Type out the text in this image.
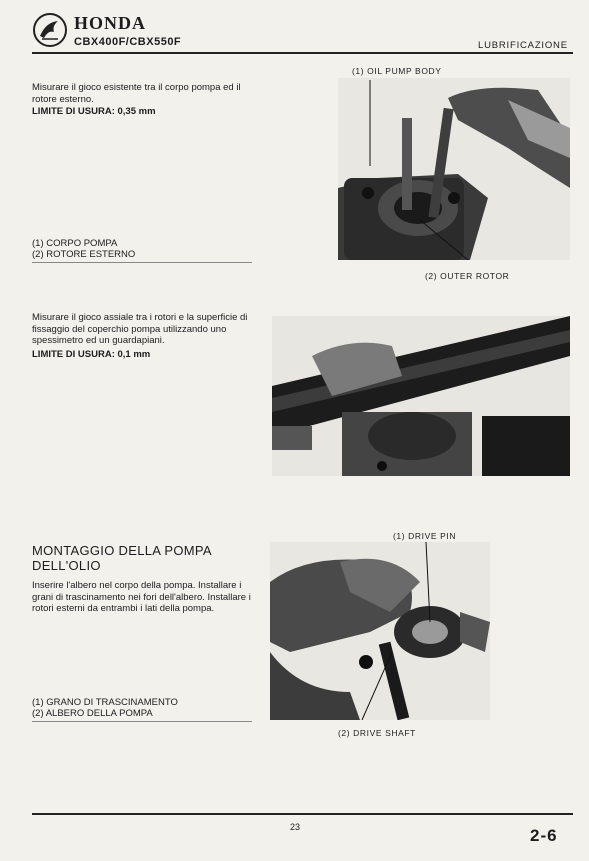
HONDA
CBX400F/CBX550F	LUBRIFICAZIONE
Misurare il gioco esistente tra il corpo pompa ed il rotore esterno.
LIMITE DI USURA: 0,35 mm
(1) CORPO POMPA
(2) ROTORE ESTERNO
(1) OIL PUMP BODY
(2) OUTER ROTOR
Misurare il gioco assiale tra i rotori e la superficie di fissaggio del coperchio pompa utilizzando uno spessimetro ed un guardapiani.
LIMITE DI USURA: 0,1 mm
MONTAGGIO DELLA POMPA DELL'OLIO
Inserire l'albero nel corpo della pompa. Installare i grani di trascinamento nei fori dell'albero. Installare i rotori esterni da entrambi i lati della pompa.
(1) GRANO DI TRASCINAMENTO
(2) ALBERO DELLA POMPA
(1) DRIVE PIN
(2) DRIVE SHAFT
23	2-6
